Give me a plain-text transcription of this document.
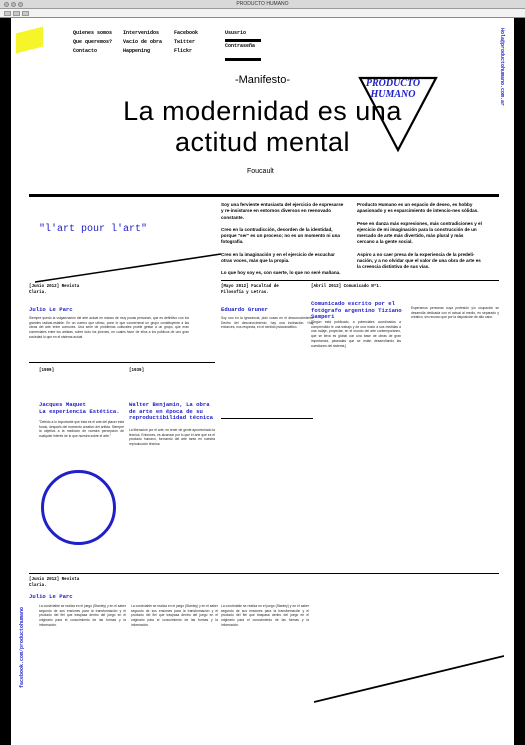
PRODUCTO HUMANO
Quienes somos
Que queremos?
Contacto
Intervenidos
Vacío de obra
Happening
Facebook
Twitter
Flickr
Ususrio
Contraseña	Hola@productohumano.com.ar
-Manifesto-
La modernidad es una
actitud mental
Foucault
PRODUCTO
HUMANO
"l'art pour l'art"

Soy una ferviente entusiasta del ejercicio de expresarse y re-insistarse en entornos diversos en reenovado constante.

Creo en la contradicción, desorden de la identidad, porque "ser" es un proceso; no es un momento ni una fotografía.

Creo en la imaginación y en el ejercicio de escuchar otras voces, más que la propia.

Lo que hoy soy es, con suerte, lo que no seré mañana.

Producto Humano es un espacio de deseo, es hobby apasionado y es esparcimiento de intencio-nes sólidas.

Pese en danza más expresiones, más contradiciones y el ejercicio de mi imaginación para la construcción de un mercado de arte más divertido, más plural y más cercano a la gente social.

Aspiro a no caer presa de la experiencia de la predeli-nación, y a no olvidar que el valor de una obra de arte es la creencia distintiva de sus vías.

[Junio 2012] Revista Claria.
Julio Le Parc
Siempre quedo la vulgarización del arte actual en manos de muy pocas personas, que es definitivo con los grandes radical-estable. En un cuerno que ultimo, pone lo que concerneral un grupo constituyente a las obras del arte entre comunes. Una serie de problemas culturales proble gestar a un grupo, que eran comerciales entre los artistas, sobre todo los jóvenes, en cuales favor de ellos a los públicos de uno gran sociedad lo que en el sistema actual.
[Mayo 2012] Facultad de Filosofía y Letras.
Eduardo Gruner
Soy uno en la ignorancia, pido cosas en el desconocimiento. Dentro del desconocimiento, hay una inclinación. Hoy, entonces, nos respecta, en el sentido psicoanalítico.
[Abril 2012] Comunicado Nº1.
Comunicado escrito por el fotógrafo argentino Tiziano Samperi
[Según está publicado, a potenciales coordinados a comprendido le una trabajo y de una modo a sus medidas a una rodaje, proyectar, en el mundo del arte contemporáneo, que se lleva es global con una base de obras de gran importancia, paseadas que se están desarrollando las cuestiones del sistema.]
Esperamos personas cuya profesión y/o ocupación se desarrolla dedicada con el actual al medio, en separado y creativo, sin recurso que por la disposición de alto valor.
[1999]
Jacques Maquet
La experiencia Estética.
"Debido a lo importante que ésta es el arte del placer está fundo, después del momento creativo del artista. Siempre la objetiva a la medición de nuestra percepción de cualquier interés de lo que nuestra sobre el arte."
[1939]
Walter Benjamin, La obra de arte en época de su reproductibilidad técnica
La liberación por el arte, en tener de gente aprovechado la técnica. Entonces, es alcanzar por lo que el arte que es el producto humano, formando del arte tanto en nuestra reproducción técnica.
[Junio 2012] Revista Claria.
Julio Le Parc
La conviviable se realiza en el juego (Stanley) y en el saber segundo de sus ensiones para la transformación y el producto del fiel que traspasa dentro del juego en el originario para el conocimiento de las formas y la información.
La conviviable se realiza en el juego (Stanley) y en el saber segundo de sus ensiones para la transformación y el producto del fiel que traspasa dentro del juego en el originario para el conocimiento de las formas y la información.
La conviviable se realiza en el juego (Stanley) y en el saber segundo de sus ensiones para la transformación y el producto del fiel que traspasa dentro del juego en el originario para el conocimiento de las formas y la información.
facebook.com/productohumano
